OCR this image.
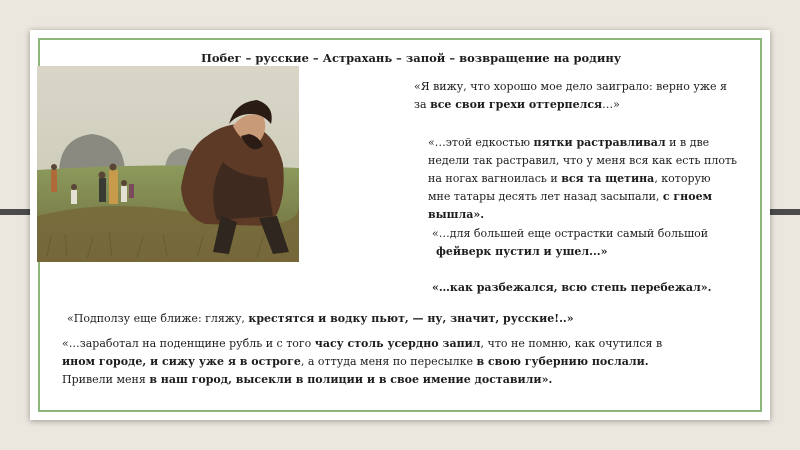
Побег – русские – Астрахань – запой – возвращение на родину

«Я вижу, что хорошо мое дело заиграло: верно уже я

за все свои грехи оттерпелся…»

«…этой едкостью пятки растравливал и в две

недели так растравил, что у меня вся как есть плоть

на ногах вагноилась и вся та щетина, которую

мне татары десять лет назад засыпали, с гноем

вышла».

«…для большей еще острастки самый большой

фейверк пустил и ушел...»

«…как разбежался, всю степь перебежал».

«Подползу еще ближе: гляжу, крестятся и водку пьют, — ну, значит, русские!..»

«…заработал на поденщине рубль и с того часу столь усердно запил, что не помню, как очутился в

ином городе, и сижу уже я в остроге, а оттуда меня по пересылке в свою губернию послали.

Привели меня в наш город, высекли в полиции и в свое имение доставили».
